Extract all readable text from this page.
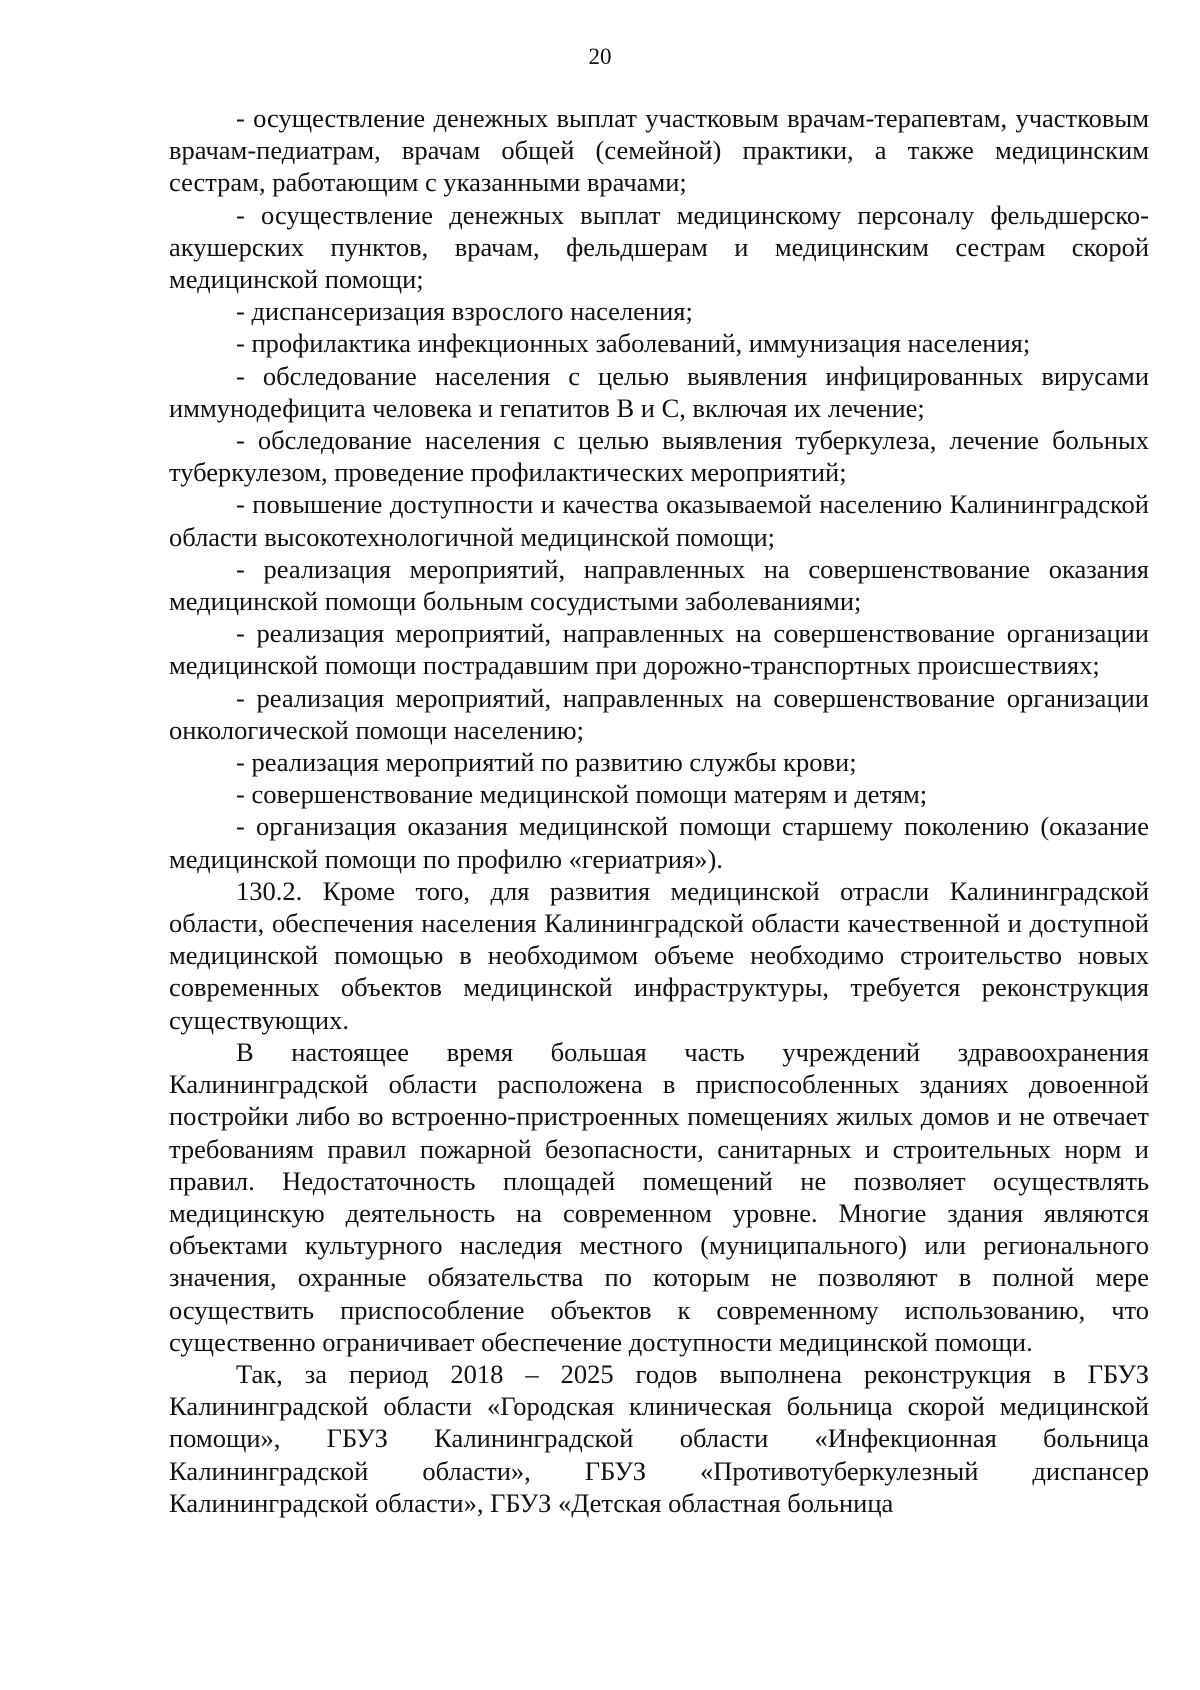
20

- осуществление денежных выплат участковым врачам-терапевтам, участковым врачам-педиатрам, врачам общей (семейной) практики, а также медицинским сестрам, работающим с указанными врачами;

- осуществление денежных выплат медицинскому персоналу фельдшерско-акушерских пунктов, врачам, фельдшерам и медицинским сестрам скорой медицинской помощи;

- диспансеризация взрослого населения;

- профилактика инфекционных заболеваний, иммунизация населения;

- обследование населения с целью выявления инфицированных вирусами иммунодефицита человека и гепатитов В и С, включая их лечение;

- обследование населения с целью выявления туберкулеза, лечение больных туберкулезом, проведение профилактических мероприятий;

- повышение доступности и качества оказываемой населению Калининградской области высокотехнологичной медицинской помощи;

- реализация мероприятий, направленных на совершенствование оказания медицинской помощи больным сосудистыми заболеваниями;

- реализация мероприятий, направленных на совершенствование организации медицинской помощи пострадавшим при дорожно-транспортных происшествиях;

- реализация мероприятий, направленных на совершенствование организации онкологической помощи населению;

- реализация мероприятий по развитию службы крови;

- совершенствование медицинской помощи матерям и детям;

- организация оказания медицинской помощи старшему поколению (оказание медицинской помощи по профилю «гериатрия»).

130.2. Кроме того, для развития медицинской отрасли Калининградской области, обеспечения населения Калининградской области качественной и доступной медицинской помощью в необходимом объеме необходимо строительство новых современных объектов медицинской инфраструктуры, требуется реконструкция существующих.

В настоящее время большая часть учреждений здравоохранения Калининградской области расположена в приспособленных зданиях довоенной постройки либо во встроенно-пристроенных помещениях жилых домов и не отвечает требованиям правил пожарной безопасности, санитарных и строительных норм и правил. Недостаточность площадей помещений не позволяет осуществлять медицинскую деятельность на современном уровне. Многие здания являются объектами культурного наследия местного (муниципального) или регионального значения, охранные обязательства по которым не позволяют в полной мере осуществить приспособление объектов к современному использованию, что существенно ограничивает обеспечение доступности медицинской помощи.

Так, за период 2018 – 2025 годов выполнена реконструкция в ГБУЗ Калининградской области «Городская клиническая больница скорой медицинской помощи», ГБУЗ Калининградской области «Инфекционная больница Калининградской области», ГБУЗ «Противотуберкулезный диспансер Калининградской области», ГБУЗ «Детская областная больница
